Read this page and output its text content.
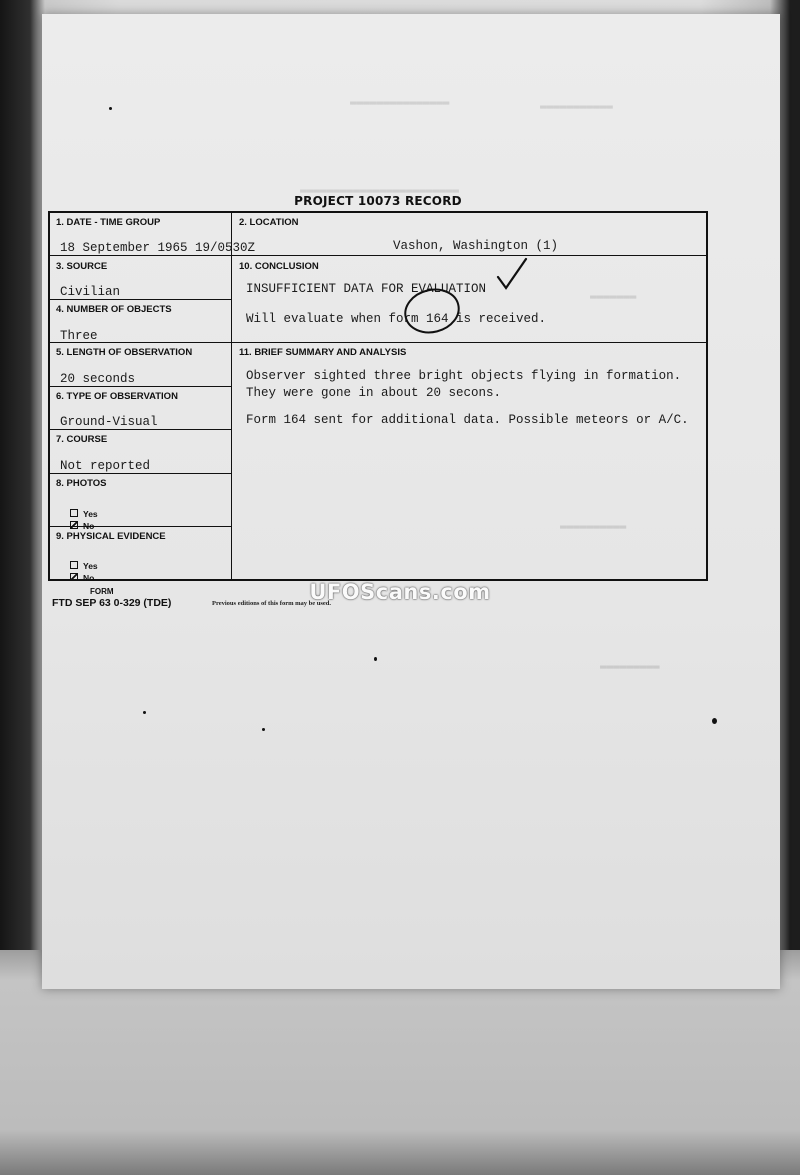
▬▬▬▬▬▬▬▬▬▬▬▬▬▬▬	▬▬▬▬▬▬▬▬▬▬▬
▬▬▬▬▬▬▬▬▬▬▬▬▬▬▬▬▬▬▬▬▬▬▬▬
▬▬▬▬▬▬▬
▬▬▬▬▬▬▬▬▬▬
▬▬▬▬▬▬▬▬▬
PROJECT 10073 RECORD
1. DATE - TIME GROUP
18 September 1965 19/0530Z
2. LOCATION
Vashon, Washington (1)
3. SOURCE
Civilian
4. NUMBER OF OBJECTS
Three
5. LENGTH OF OBSERVATION
20 seconds
6. TYPE OF OBSERVATION
Ground-Visual
7. COURSE
Not reported
8. PHOTOS
Yes
No
9. PHYSICAL EVIDENCE
Yes
No
10. CONCLUSION
INSUFFICIENT DATA FOR EVALUATION
Will evaluate when form 164 is received.
11. BRIEF SUMMARY AND ANALYSIS
Observer sighted three bright objects flying in formation.
They were gone in about 20 secons.
Form 164 sent for additional data. Possible meteors or A/C.
FORM
FTD SEP 63 0-329 (TDE)	Previous editions of this form may be used.
UFOScans.com
